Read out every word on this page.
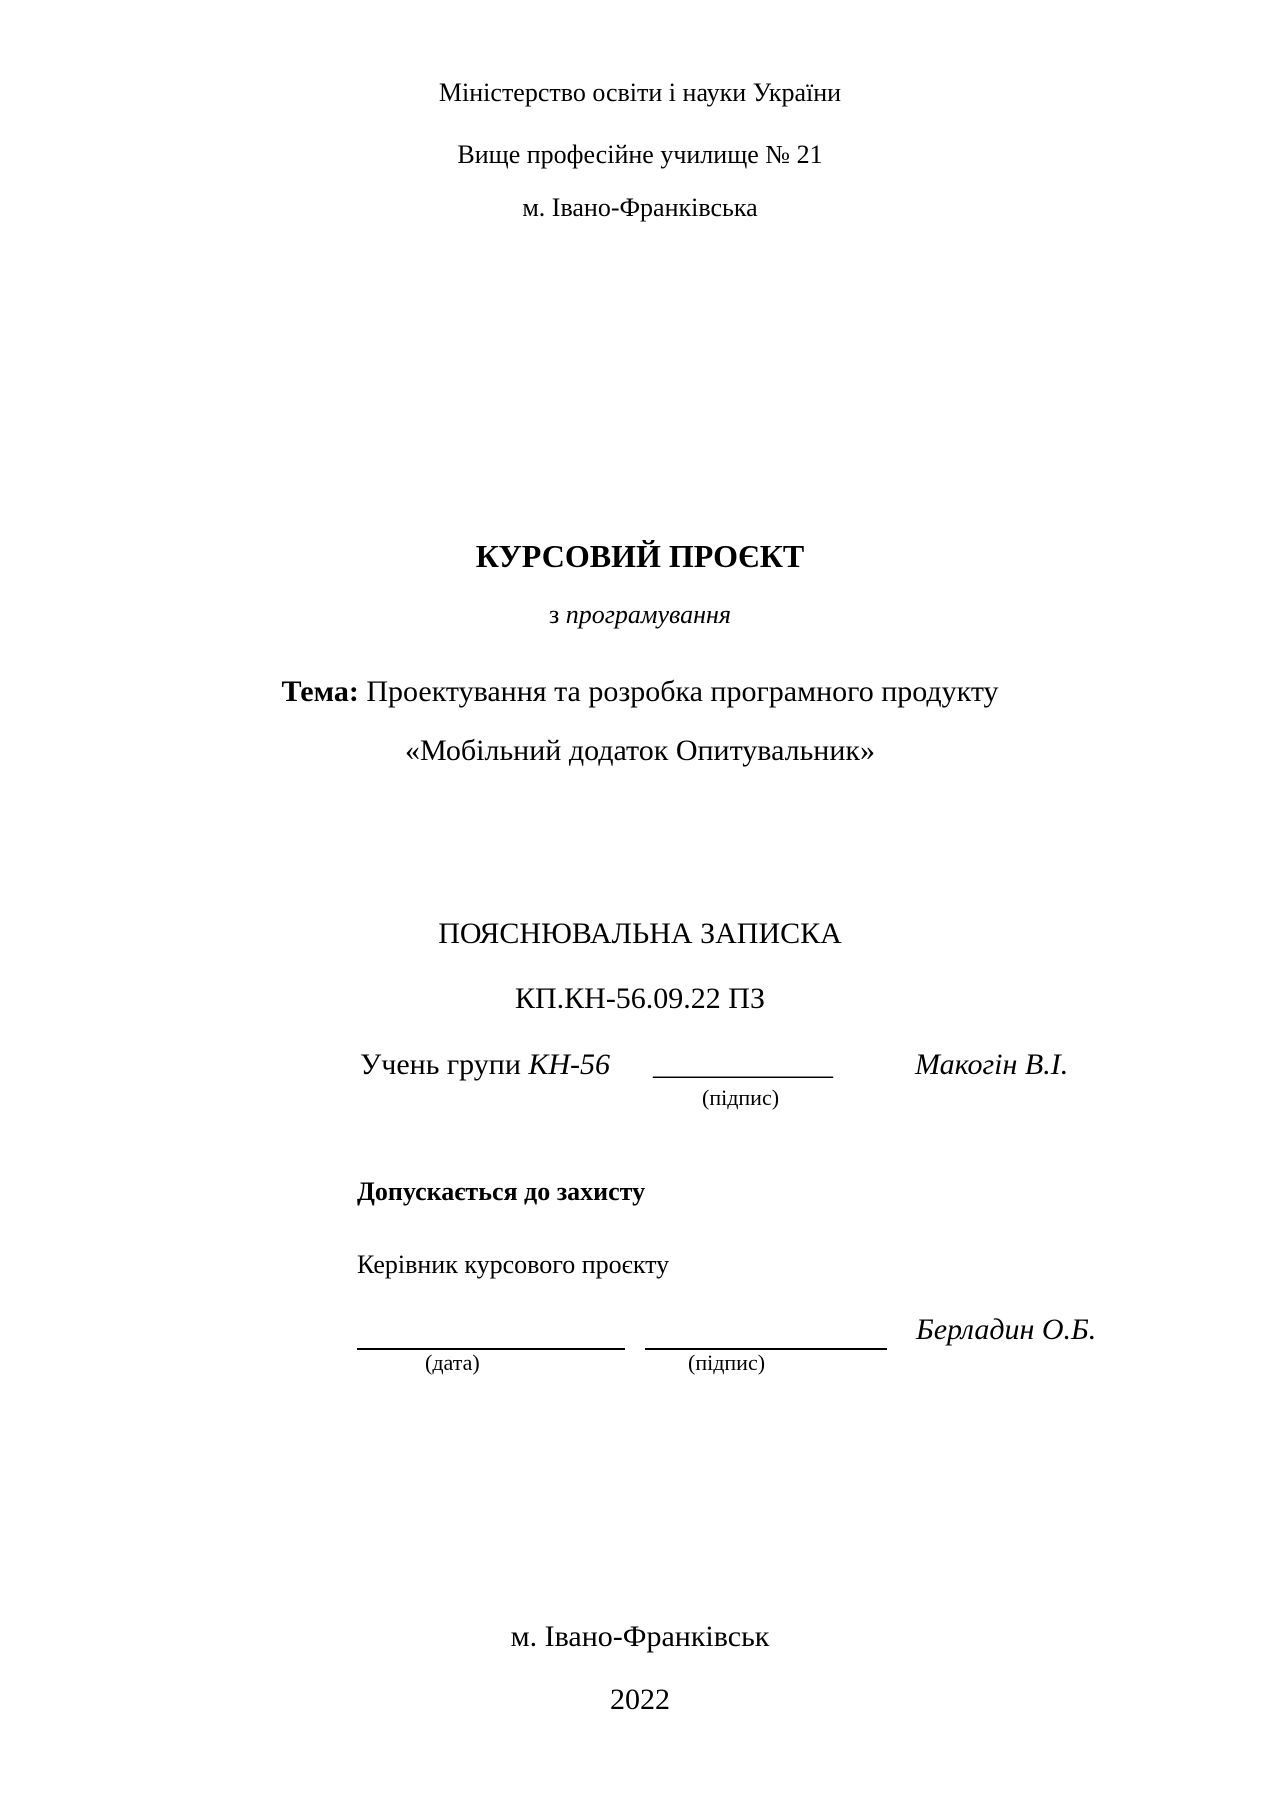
Міністерство освіти і науки України
Вище професійне училище № 21
м. Івано-Франківська
КУРСОВИЙ ПРОЄКТ
з програмування
Тема: Проектування та розробка програмного продукту
«Мобільний додаток Опитувальник»
ПОЯСНЮВАЛЬНА ЗАПИСКА
КП.КН-56.09.22 ПЗ
Учень групи КН-56 ____________
(підпис)
Макогін В.І.
Допускається до захисту
Керівник курсового проєкту
(дата)	(підпис)
Берладин О.Б.
м. Івано-Франківськ
2022
